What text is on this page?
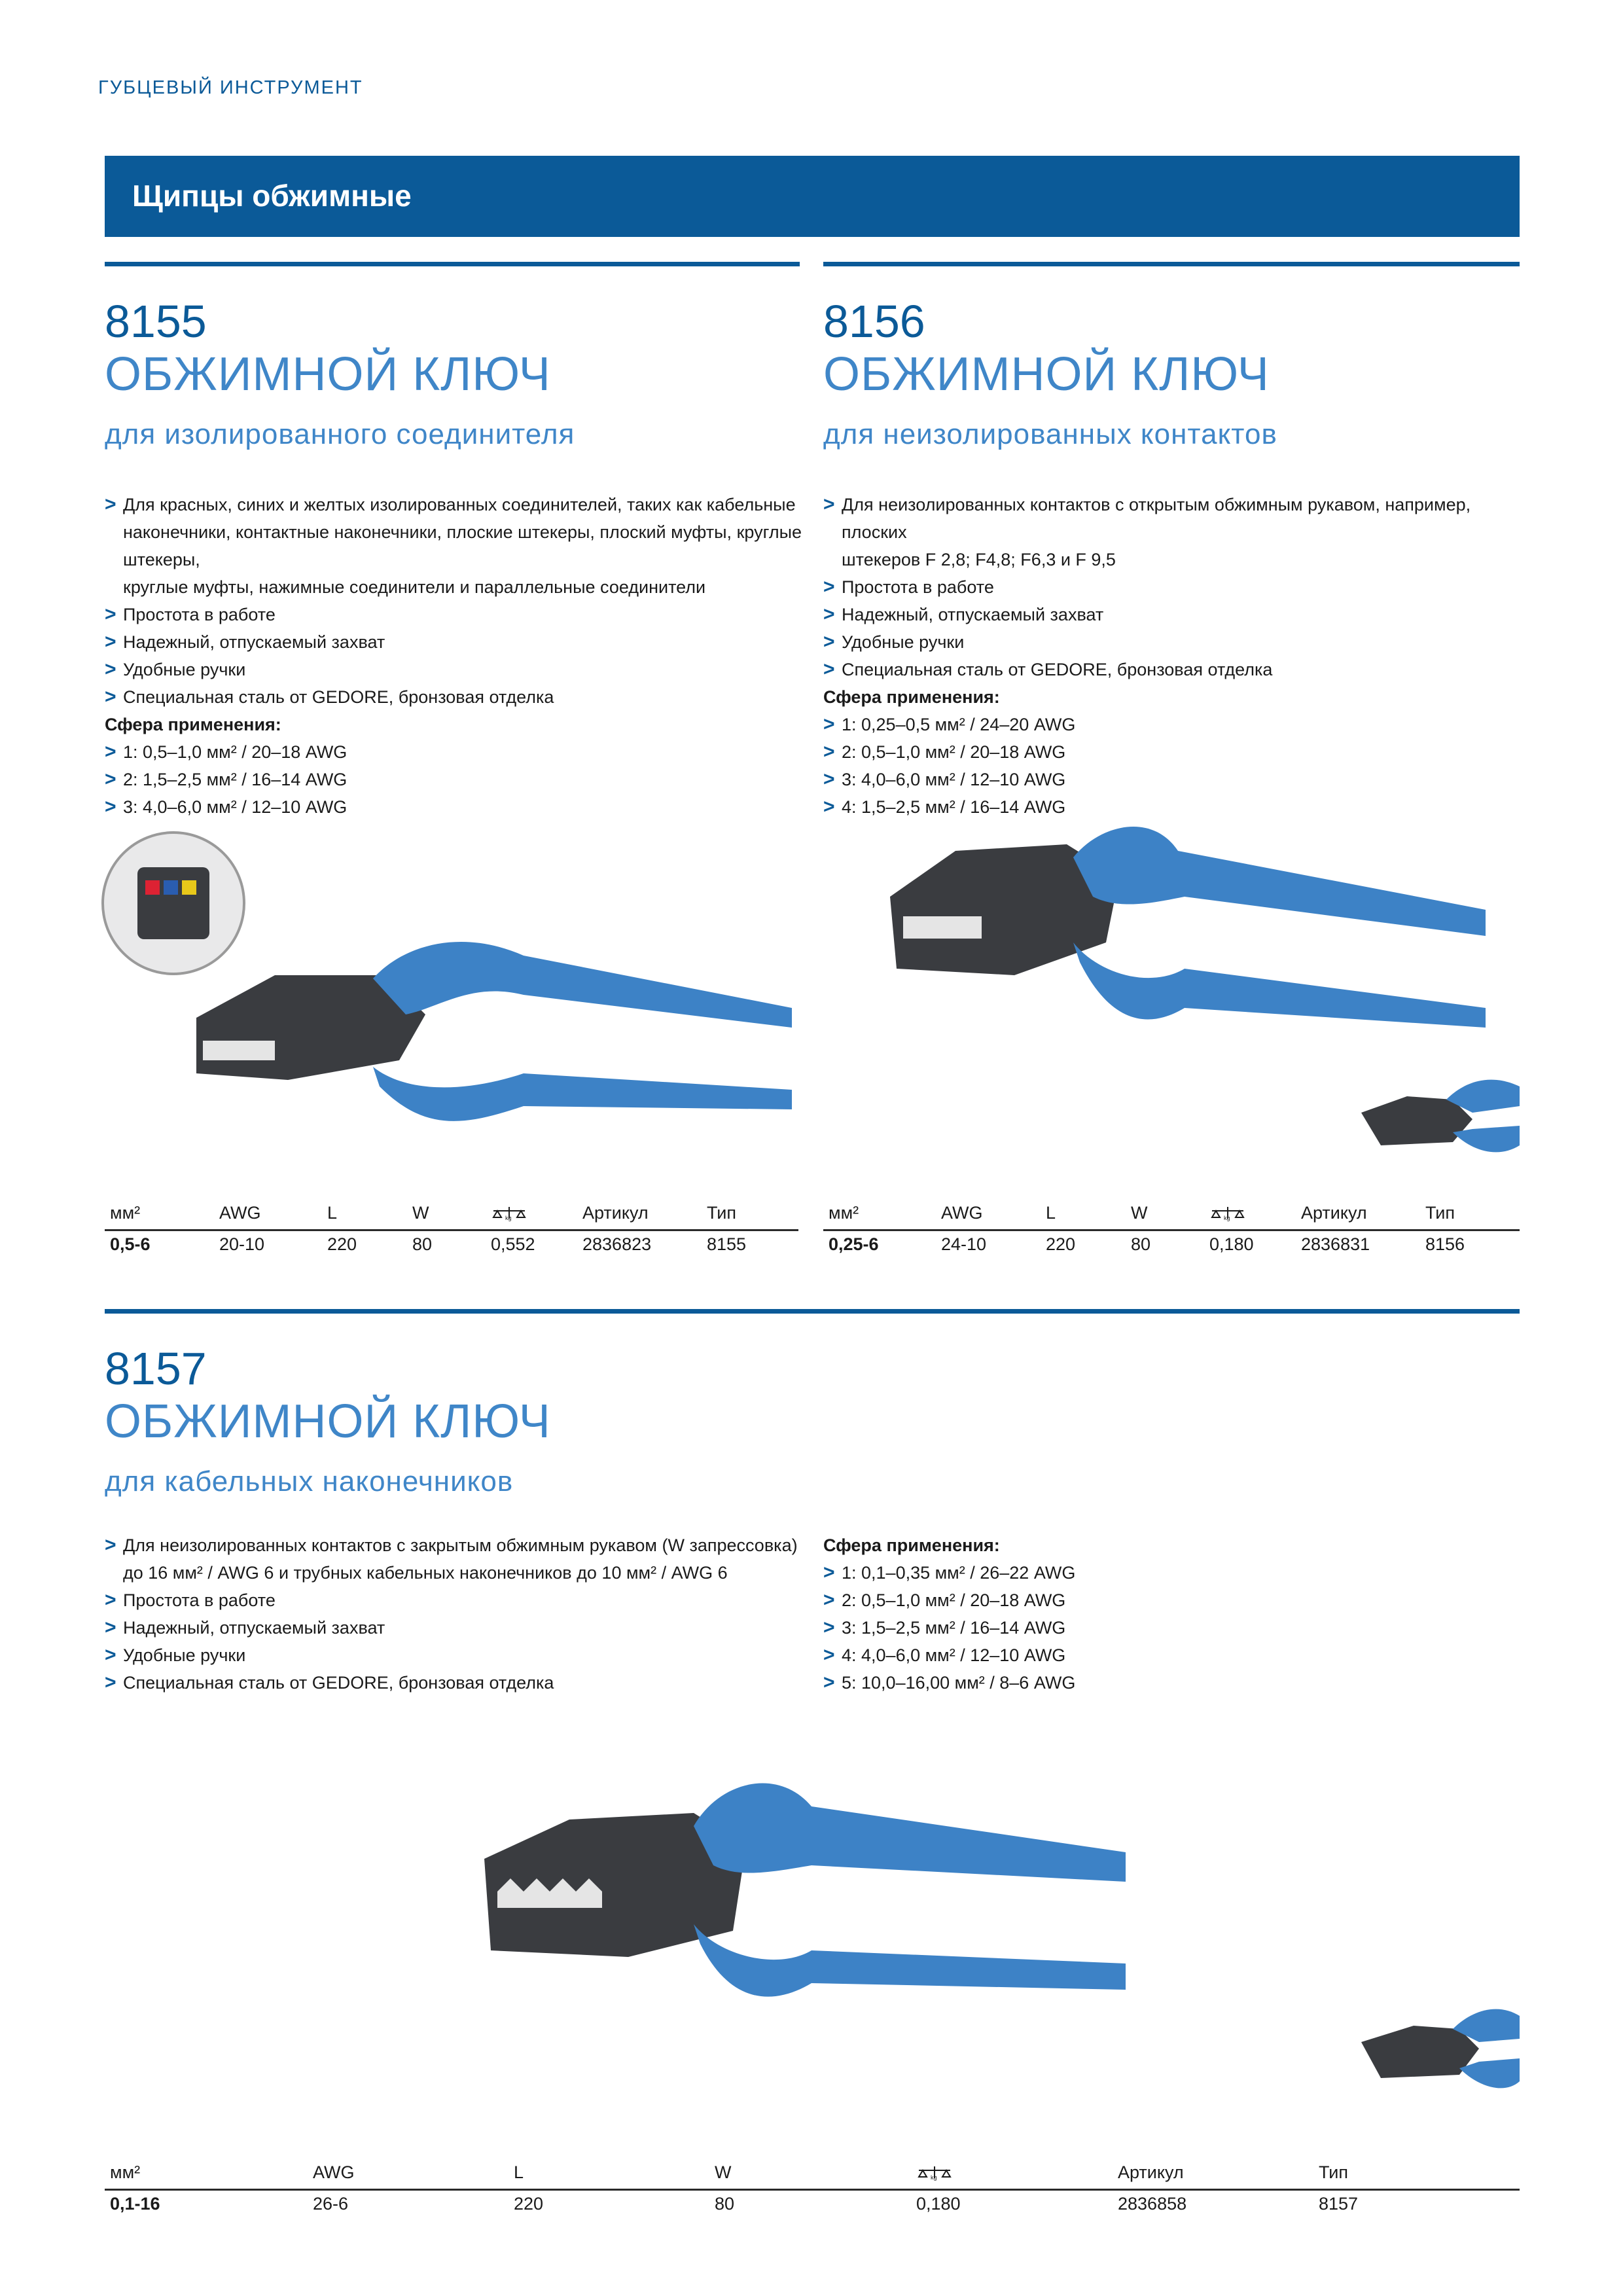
ГУБЦЕВЫЙ ИНСТРУМЕНТ
Щипцы обжимные
8155
ОБЖИМНОЙ КЛЮЧ
для изолированного соединителя
> Для красных, синих и желтых изолированных соединителей, таких как кабельные
наконечники, контактные наконечники, плоские штекеры, плоский муфты, круглые штекеры,
круглые муфты, нажимные соединители и параллельные соединители
> Простота в работе
> Надежный, отпускаемый захват
> Удобные ручки
> Специальная сталь от GEDORE, бронзовая отделка
Сфера применения:
> 1: 0,5–1,0 мм² / 20–18 AWG
> 2: 1,5–2,5 мм² / 16–14 AWG
> 3: 4,0–6,0 мм² / 12–10 AWG
мм²	AWG	L	W	kg	Артикул	Тип
0,5-6	20-10	220	80	0,552	2836823	8155
8156
ОБЖИМНОЙ КЛЮЧ
для неизолированных контактов
> Для неизолированных контактов с открытым обжимным рукавом, например, плоских
штекеров F 2,8; F4,8; F6,3 и F 9,5
> Простота в работе
> Надежный, отпускаемый захват
> Удобные ручки
> Специальная сталь от GEDORE, бронзовая отделка
Сфера применения:
> 1: 0,25–0,5 мм² / 24–20 AWG
> 2: 0,5–1,0 мм² / 20–18 AWG
> 3: 4,0–6,0 мм² / 12–10 AWG
> 4: 1,5–2,5 мм² / 16–14 AWG
мм²	AWG	L	W	kg	Артикул	Тип
0,25-6	24-10	220	80	0,180	2836831	8156
8157
ОБЖИМНОЙ КЛЮЧ
для кабельных наконечников
> Для неизолированных контактов с закрытым обжимным рукавом (W запрессовка)
до 16 мм² / AWG 6 и трубных кабельных наконечников до 10 мм² / AWG 6
> Простота в работе
> Надежный, отпускаемый захват
> Удобные ручки
> Специальная сталь от GEDORE, бронзовая отделка
Сфера применения:
> 1: 0,1–0,35 мм² / 26–22 AWG
> 2: 0,5–1,0 мм² / 20–18 AWG
> 3: 1,5–2,5 мм² / 16–14 AWG
> 4: 4,0–6,0 мм² / 12–10 AWG
> 5: 10,0–16,00 мм² / 8–6 AWG
мм²	AWG	L	W	kg	Артикул	Тип
0,1-16	26-6	220	80	0,180	2836858	8157
